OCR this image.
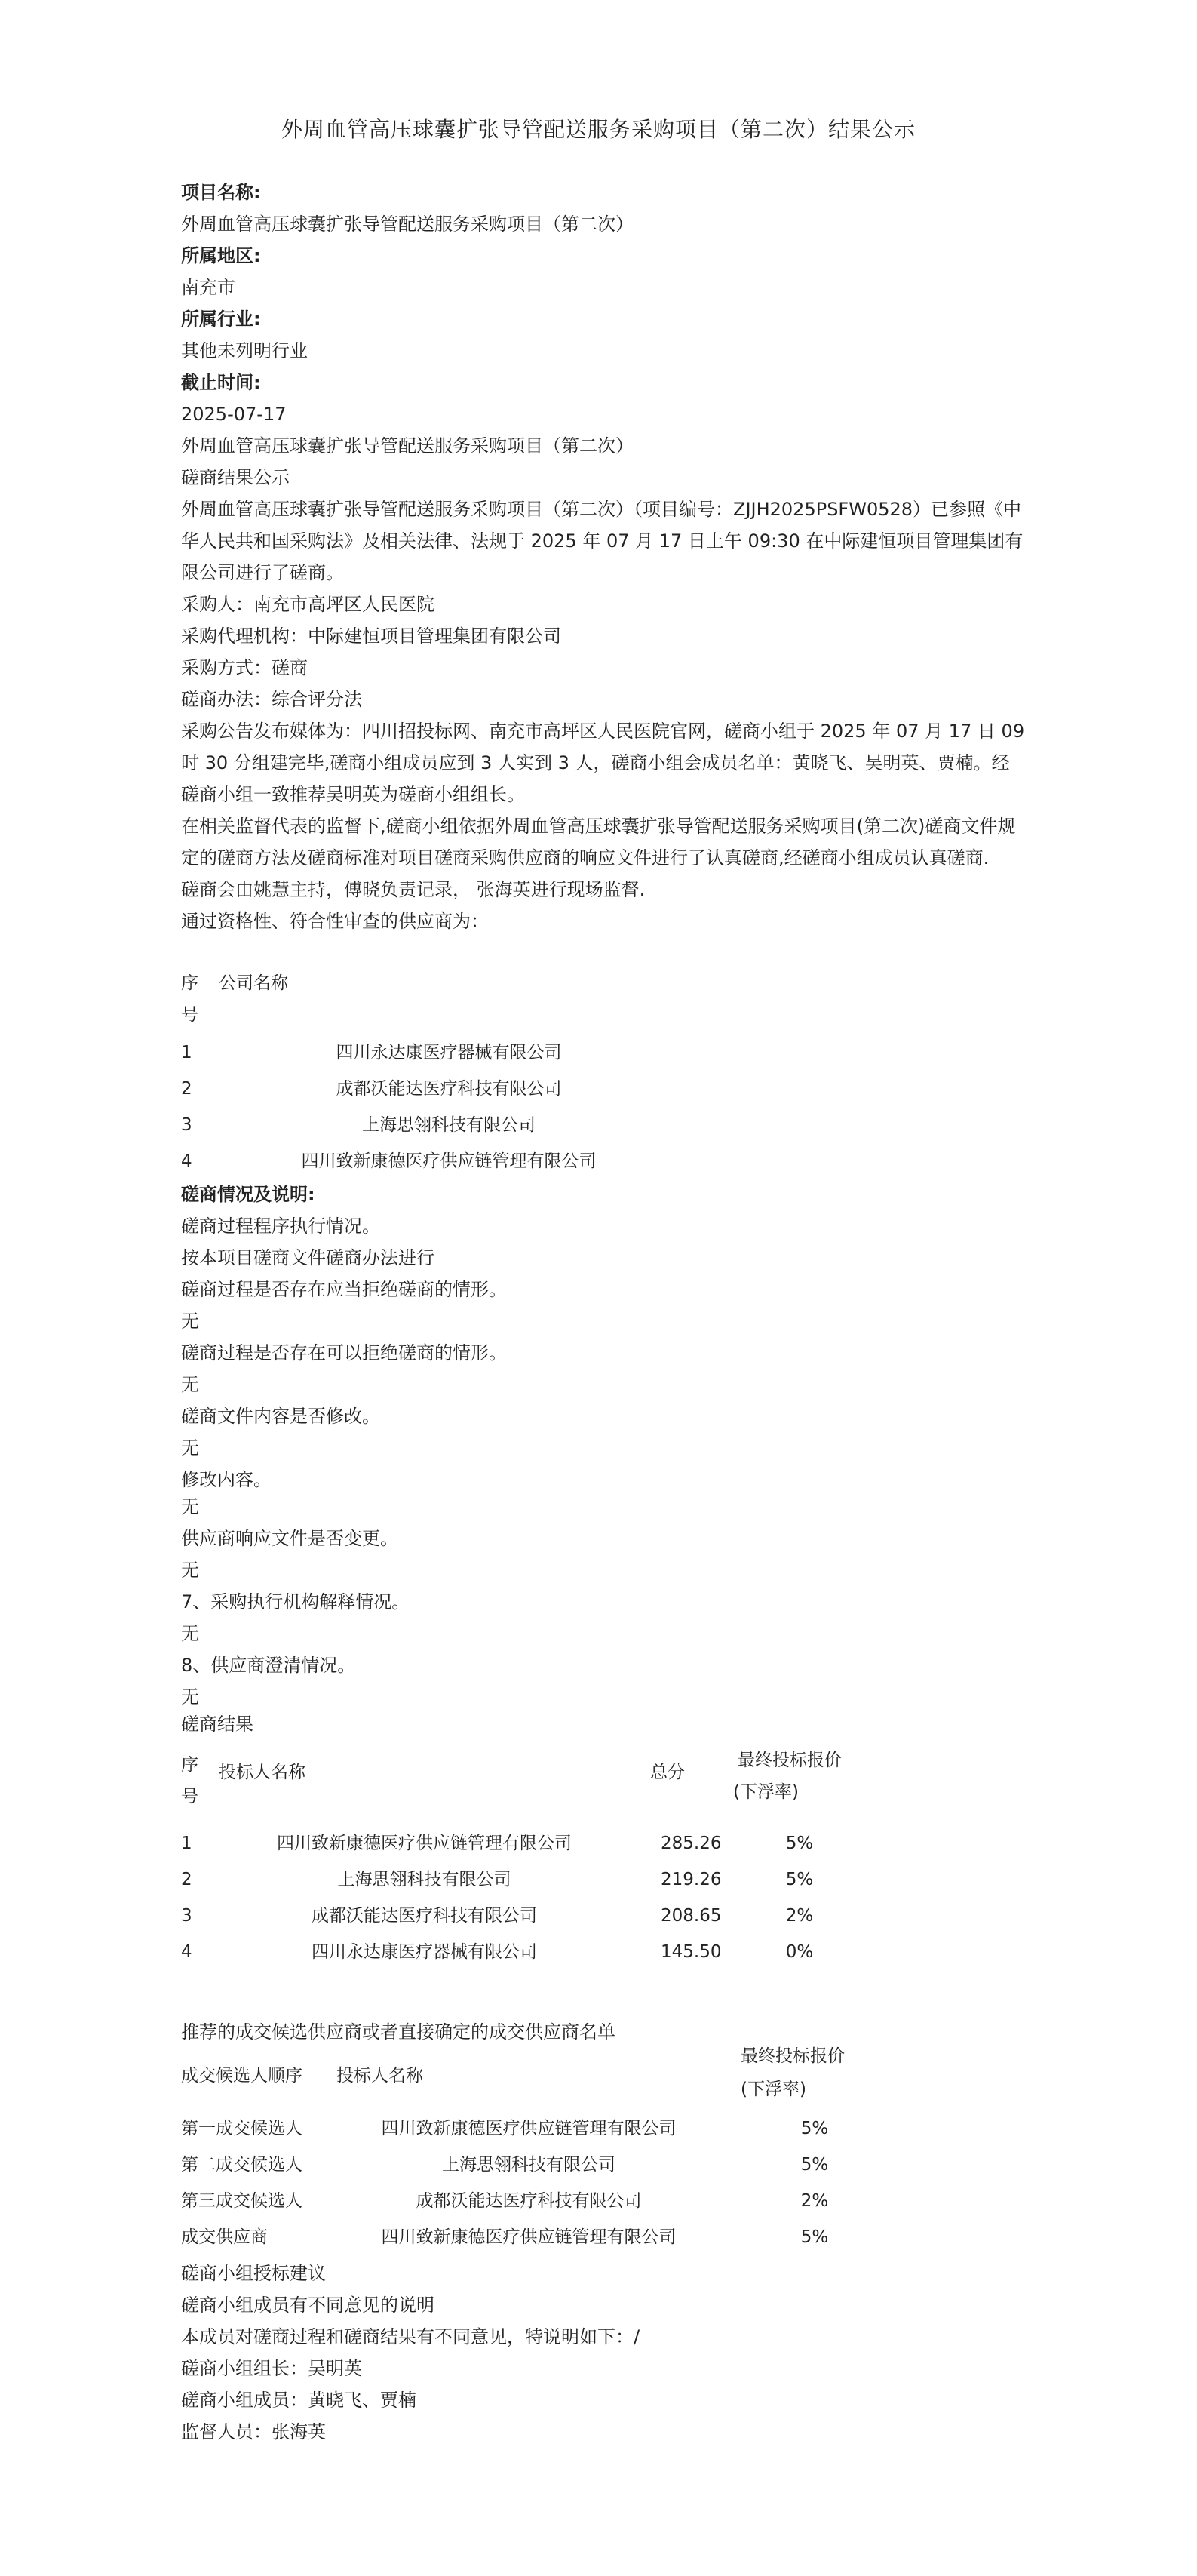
外周血管高压球囊扩张导管配送服务采购项目（第二次）结果公示
项目名称:
外周血管高压球囊扩张导管配送服务采购项目（第二次）
所属地区:
南充市
所属行业:
其他未列明行业
截止时间:
2025-07-17
外周血管高压球囊扩张导管配送服务采购项目（第二次）
磋商结果公示
外周血管高压球囊扩张导管配送服务采购项目（第二次）（项目编号：ZJJH2025PSFW0528）已参照《中华人民共和国采购法》及相关法律、法规于 2025 年 07 月 17 日上午 09:30 在中际建恒项目管理集团有限公司进行了磋商。
采购人：南充市高坪区人民医院
采购代理机构：中际建恒项目管理集团有限公司
采购方式：磋商
磋商办法：综合评分法
采购公告发布媒体为：四川招投标网、南充市高坪区人民医院官网，磋商小组于 2025 年 07 月 17 日 09 时 30 分组建完毕,磋商小组成员应到 3 人实到 3 人，磋商小组会成员名单：黄晓飞、吴明英、贾楠。经磋商小组一致推荐吴明英为磋商小组组长。
在相关监督代表的监督下,磋商小组依据外周血管高压球囊扩张导管配送服务采购项目(第二次)磋商文件规定的磋商方法及磋商标准对项目磋商采购供应商的响应文件进行了认真磋商,经磋商小组成员认真磋商.
磋商会由姚慧主持，傅晓负责记录， 张海英进行现场监督.
通过资格性、符合性审查的供应商为：
序号
公司名称
1	四川永达康医疗器械有限公司
2	成都沃能达医疗科技有限公司
3	上海思翎科技有限公司
4	四川致新康德医疗供应链管理有限公司
磋商情况及说明:
磋商过程程序执行情况。
按本项目磋商文件磋商办法进行
磋商过程是否存在应当拒绝磋商的情形。
无
磋商过程是否存在可以拒绝磋商的情形。
无
磋商文件内容是否修改。
无
修改内容。
无
供应商响应文件是否变更。
无
7、采购执行机构解释情况。
无
8、供应商澄清情况。
无
磋商结果
序号
投标人名称	总分
最终投标报价
(下浮率)
1	四川致新康德医疗供应链管理有限公司	285.26	5%
2	上海思翎科技有限公司	219.26	5%
3	成都沃能达医疗科技有限公司	208.65	2%
4	四川永达康医疗器械有限公司	145.50	0%
推荐的成交候选供应商或者直接确定的成交供应商名单
成交候选人顺序 投标人名称
最终投标报价
(下浮率)
第一成交候选人	四川致新康德医疗供应链管理有限公司	5%
第二成交候选人	上海思翎科技有限公司	5%
第三成交候选人	成都沃能达医疗科技有限公司	2%
成交供应商	四川致新康德医疗供应链管理有限公司	5%
磋商小组授标建议
磋商小组成员有不同意见的说明
本成员对磋商过程和磋商结果有不同意见，特说明如下：/
磋商小组组长：吴明英
磋商小组成员：黄晓飞、贾楠
监督人员：张海英
